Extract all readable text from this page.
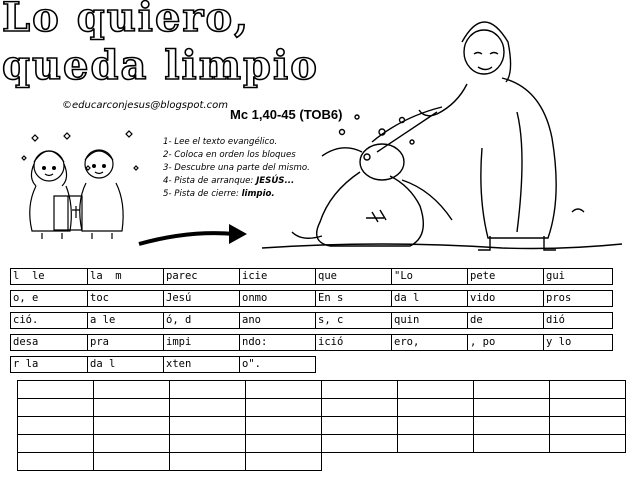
Lo quiero,
queda limpio
©educarconjesus@blogspot.com
Mc 1,40-45 (TOB6)
1- Lee el texto evangélico.
2- Coloca en orden los bloques
3- Descubre una parte del mismo.
4- Pista de arranque: JESÚS...
5- Pista de cierre: limpio.
l  le	la  m	parec	icie	que	"Lo	pete	gui
o, e	toc	Jesú	onmo	En s	da l	vido	pros
ció.	a le	ó, d	ano	s, c	quin	de	dió
desa	pra	impi	ndo:	ició	ero,	, po	y lo
r la	da l	xten	o".
